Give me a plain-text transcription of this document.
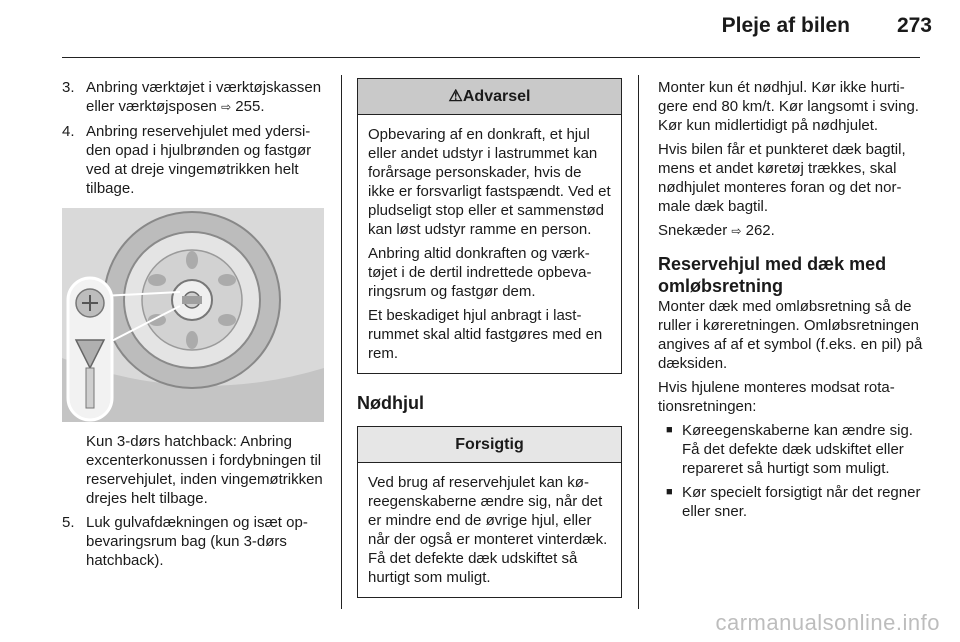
Pleje af bilen 273
3. Anbring værktøjet i værktøjskassen eller værktøjsposen ⇨ 255.
4. Anbring reservehjulet med ydersiden opad i hjulbrønden og fastgør ved at dreje vingemøtrikken helt tilbage.
Kun 3-dørs hatchback: Anbring excenterkonussen i fordybningen til reservehjulet, inden vingemøtrikken drejes helt tilbage.
5. Luk gulvafdækningen og isæt opbevaringsrum bag (kun 3-dørs hatchback).
⚠Advarsel

Opbevaring af en donkraft, et hjul eller andet udstyr i lastrummet kan forårsage personskader, hvis de ikke er forsvarligt fastspændt. Ved et pludseligt stop eller et sammenstød kan løst udstyr ramme en person.

Anbring altid donkraften og værktøjet i de dertil indrettede opbevaringsrum og fastgør dem.

Et beskadiget hjul anbragt i lastrummet skal altid fastgøres med en rem.

Nødhjul
Forsigtig

Ved brug af reservehjulet kan køreegenskaberne ændre sig, når det er mindre end de øvrige hjul, eller når der også er monteret vinterdæk. Få det defekte dæk udskiftet så hurtigt som muligt.

Monter kun ét nødhjul. Kør ikke hurtigere end 80 km/t. Kør langsomt i sving. Kør kun midlertidigt på nødhjulet.

Hvis bilen får et punkteret dæk bagtil, mens et andet køretøj trækkes, skal nødhjulet monteres foran og det normale dæk bagtil.

Snekæder ⇨ 262.

Reservehjul med dæk med omløbsretning

Monter dæk med omløbsretning så de ruller i køreretningen. Omløbsretningen angives af af et symbol (f.eks. en pil) på dæksiden.

Hvis hjulene monteres modsat rotationsretningen:

■ Køreegenskaberne kan ændre sig. Få det defekte dæk udskiftet eller repareret så hurtigt som muligt.
■ Kør specielt forsigtigt når det regner eller sner.
carmanualsonline.info
